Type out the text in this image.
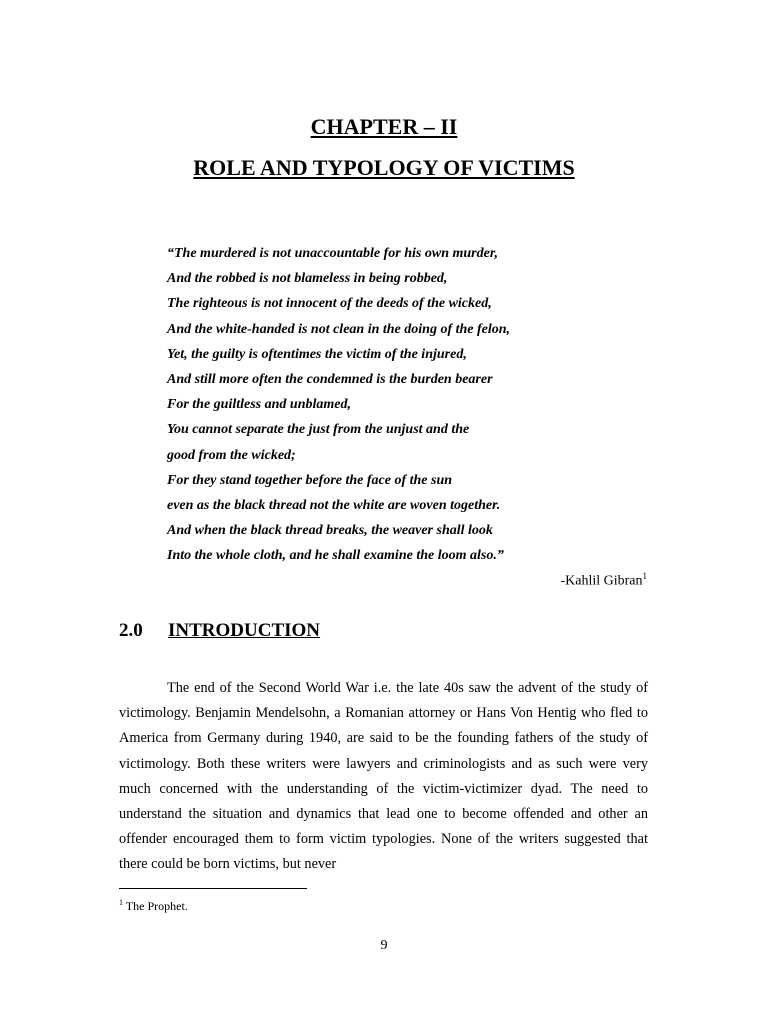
CHAPTER – II
ROLE AND TYPOLOGY OF VICTIMS
“The murdered is not unaccountable for his own murder,
And the robbed is not blameless in being robbed,
The righteous is not innocent of the deeds of the wicked,
And the white-handed is not clean in the doing of the felon,
Yet, the guilty is oftentimes the victim of the injured,
And still more often the condemned is the burden bearer
For the guiltless and unblamed,
You cannot separate the just from the unjust and the
good from the wicked;
For they stand together before the face of the sun
even as the black thread not the white are woven together.
And when the black thread breaks, the weaver shall look
Into the whole cloth, and he shall examine the loom also.”
-Kahlil Gibran$^1$
2.0 INTRODUCTION

The end of the Second World War i.e. the late 40s saw the advent of the study of victimology. Benjamin Mendelsohn, a Romanian attorney or Hans Von Hentig who fled to America from Germany during 1940, are said to be the founding fathers of the study of victimology. Both these writers were lawyers and criminologists and as such were very much concerned with the understanding of the victim-victimizer dyad. The need to understand the situation and dynamics that lead one to become offended and other an offender encouraged them to form victim typologies. None of the writers suggested that there could be born victims, but never

$^1$ The Prophet.
9
